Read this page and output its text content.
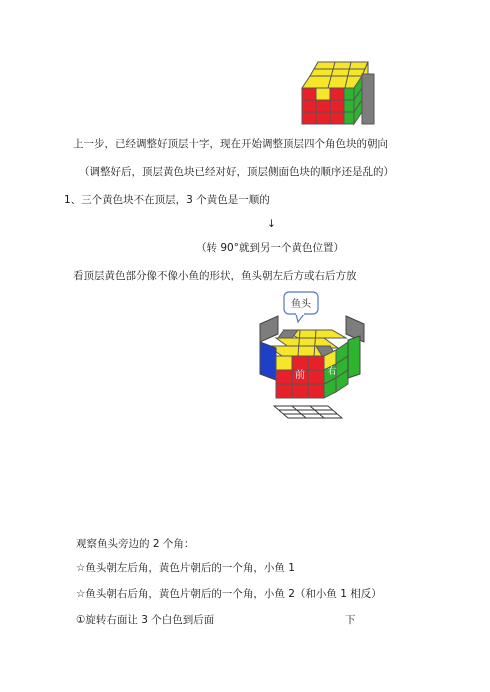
上一步，已经调整好顶层十字，现在开始调整顶层四个角色块的朝向
（调整好后，顶层黄色块已经对好，顶层侧面色块的顺序还是乱的）
1、三个黄色块不在顶层，3 个黄色是一顺的
↓
（转 90°就到另一个黄色位置）
看顶层黄色部分像不像小鱼的形状，鱼头朝左后方或右后方放
鱼头
前 右
观察鱼头旁边的 2 个角：
☆鱼头朝左后角，黄色片朝后的一个角，小鱼 1
☆鱼头朝右后角，黄色片朝后的一个角，小鱼 2（和小鱼 1 相反）
①旋转右面让 3 个白色到后面	下
